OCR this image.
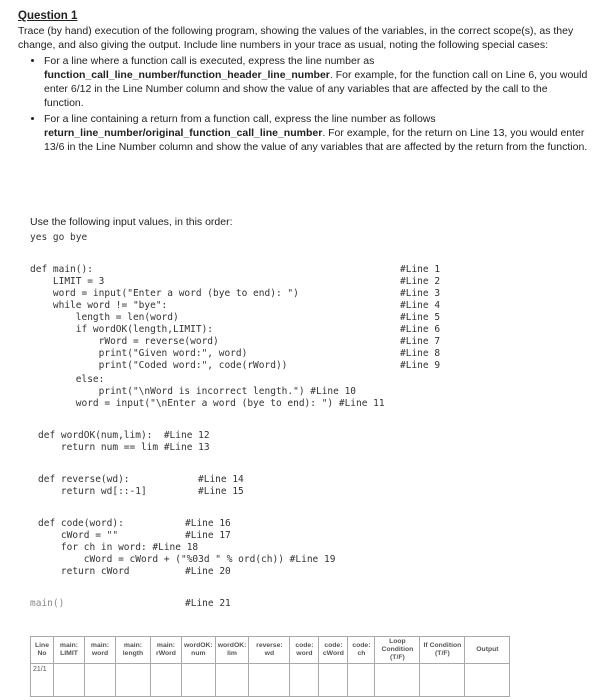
Question 1

Trace (by hand) execution of the following program, showing the values of the variables, in the correct scope(s), as they change, and also giving the output. Include line numbers in your trace as usual, noting the following special cases:

• For a line where a function call is executed, express the line number as function_call_line_number/function_header_line_number. For example, for the function call on Line 6, you would enter 6/12 in the Line Number column and show the value of any variables that are affected by the call to the function.
• For a line containing a return from a function call, express the line number as follows return_line_number/original_function_call_line_number. For example, for the return on Line 13, you would enter 13/6 in the Line Number column and show the value of any variables that are affected by the return from the function.
Use the following input values, in this order:
yes go bye
def main():	#Line 1
LIMIT = 3	#Line 2
word = input("Enter a word (bye to end): ")	#Line 3
while word != "bye":	#Line 4
length = len(word)	#Line 5
if wordOK(length,LIMIT):	#Line 6
rWord = reverse(word)	#Line 7
print("Given word:", word)	#Line 8
print("Coded word:", code(rWord))	#Line 9
else:
print("\nWord is incorrect length.") #Line 10
word = input("\nEnter a word (bye to end): ") #Line 11
def wordOK(num,lim):  #Line 12
return num == lim #Line 13
def reverse(wd):	#Line 14
return wd[::-1]	#Line 15
def code(word):	#Line 16
cWord = ""	#Line 17
for ch in word: #Line 18
cWord = cWord + ("%03d " % ord(ch)) #Line 19
return cWord	#Line 20
main()	#Line 21
Line No	main: LIMIT	main: word	main: length	main: rWord	wordOK: num	wordOK: lim	reverse: wd	code: word	code: cWord	code: ch	Loop Condition (T/F)	If Condition (T/F)	Output
21/1													
